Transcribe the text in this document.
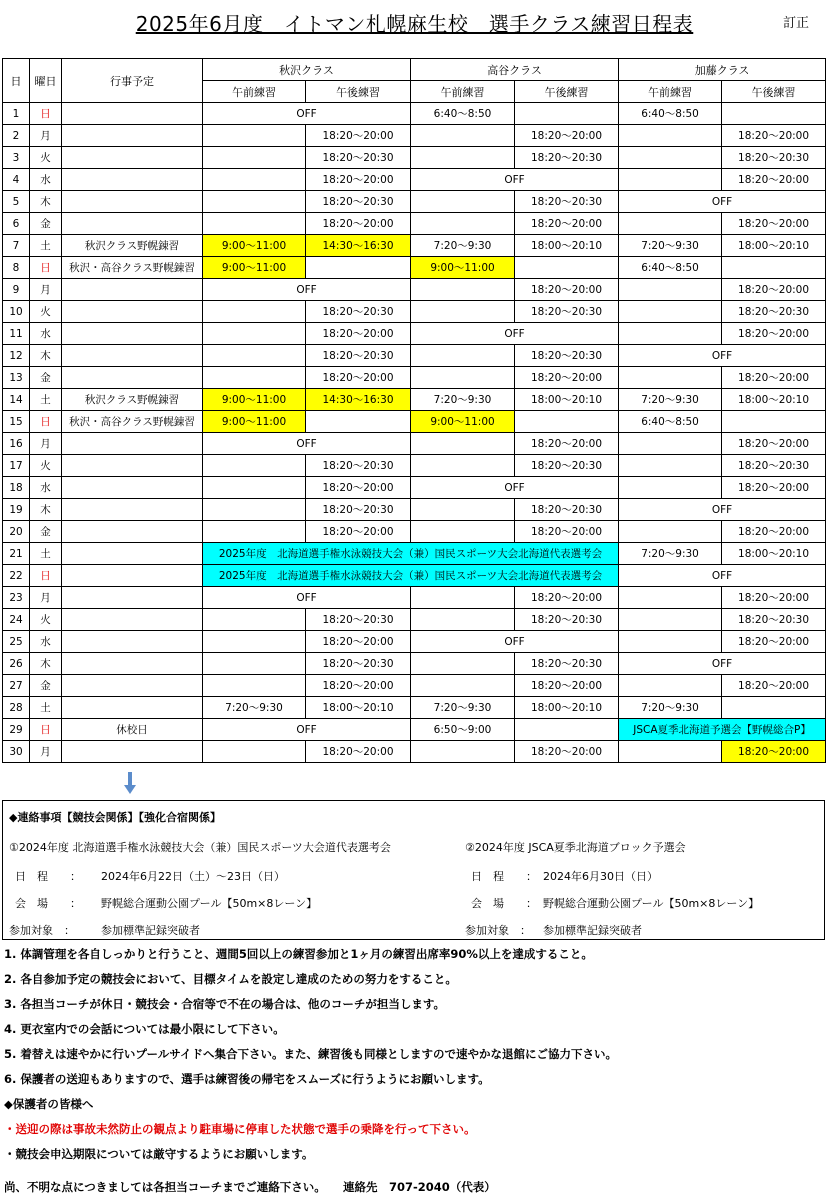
2025年6月度　イトマン札幌麻生校　選手クラス練習日程表	訂正
日	曜日	行事予定	秋沢クラス		高谷クラス		加藤クラス	
			午前練習	午後練習	午前練習	午後練習	午前練習	午後練習
1	日		OFF		6:40～8:50		6:40～8:50	
2	月			18:20～20:00		18:20～20:00		18:20～20:00
3	火			18:20～20:30		18:20～20:30		18:20～20:30
4	水			18:20～20:00	OFF			18:20～20:00
5	木			18:20～20:30		18:20～20:30	OFF	
6	金			18:20～20:00		18:20～20:00		18:20～20:00
7	土	秋沢クラス野幌錬習	9:00～11:00	14:30～16:30	7:20～9:30	18:00～20:10	7:20～9:30	18:00～20:10
8	日	秋沢・高谷クラス野幌錬習	9:00～11:00		9:00～11:00		6:40～8:50	
9	月		OFF			18:20～20:00		18:20～20:00
10	火			18:20～20:30		18:20～20:30		18:20～20:30
11	水			18:20～20:00	OFF			18:20～20:00
12	木			18:20～20:30		18:20～20:30	OFF	
13	金			18:20～20:00		18:20～20:00		18:20～20:00
14	土	秋沢クラス野幌錬習	9:00～11:00	14:30～16:30	7:20～9:30	18:00～20:10	7:20～9:30	18:00～20:10
15	日	秋沢・高谷クラス野幌錬習	9:00～11:00		9:00～11:00		6:40～8:50	
16	月		OFF			18:20～20:00		18:20～20:00
17	火			18:20～20:30		18:20～20:30		18:20～20:30
18	水			18:20～20:00	OFF			18:20～20:00
19	木			18:20～20:30		18:20～20:30	OFF	
20	金			18:20～20:00		18:20～20:00		18:20～20:00
21	土		2025年度　北海道選手権水泳競技大会（兼）国民スポーツ大会北海道代表選考会				7:20～9:30	18:00～20:10
22	日		2025年度　北海道選手権水泳競技大会（兼）国民スポーツ大会北海道代表選考会				OFF	
23	月		OFF			18:20～20:00		18:20～20:00
24	火			18:20～20:30		18:20～20:30		18:20～20:30
25	水			18:20～20:00	OFF			18:20～20:00
26	木			18:20～20:30		18:20～20:30	OFF	
27	金			18:20～20:00		18:20～20:00		18:20～20:00
28	土		7:20～9:30	18:00～20:10	7:20～9:30	18:00～20:10	7:20～9:30	
29	日	休校日	OFF		6:50～9:00		JSCA夏季北海道予選会【野幌総合P】	
30	月			18:20～20:00		18:20～20:00		18:20～20:00
◆連絡事項【競技会関係】【強化合宿関係】
①2024年度 北海道選手権水泳競技大会（兼）国民スポーツ大会道代表選考会
日　程　　： 2024年6月22日（土）～23日（日）
会　場　　： 野幌総合運動公園プール【50m×8レーン】
参加対象　： 参加標準記録突破者
②2024年度 JSCA夏季北海道ブロック予選会
日　程　　： 2024年6月30日（日）
会　場　　： 野幌総合運動公園プール【50m×8レーン】
参加対象　： 参加標準記録突破者
1. 体調管理を各自しっかりと行うこと、週間5回以上の練習参加と1ヶ月の練習出席率90%以上を達成すること。
2. 各自参加予定の競技会において、目標タイムを設定し達成のための努力をすること。
3. 各担当コーチが休日・競技会・合宿等で不在の場合は、他のコーチが担当します。
4. 更衣室内での会話については最小限にして下さい。
5. 着替えは速やかに行いプールサイドへ集合下さい。また、練習後も同様としますので速やかな退館にご協力下さい。
6. 保護者の送迎もありますので、選手は練習後の帰宅をスムーズに行うようにお願いします。
◆保護者の皆様へ
・送迎の際は事故未然防止の観点より駐車場に停車した状態で選手の乗降を行って下さい。
・競技会申込期限については厳守するようにお願いします。
尚、不明な点につきましては各担当コーチまでご連絡下さい。　　連絡先　707-2040（代表）
